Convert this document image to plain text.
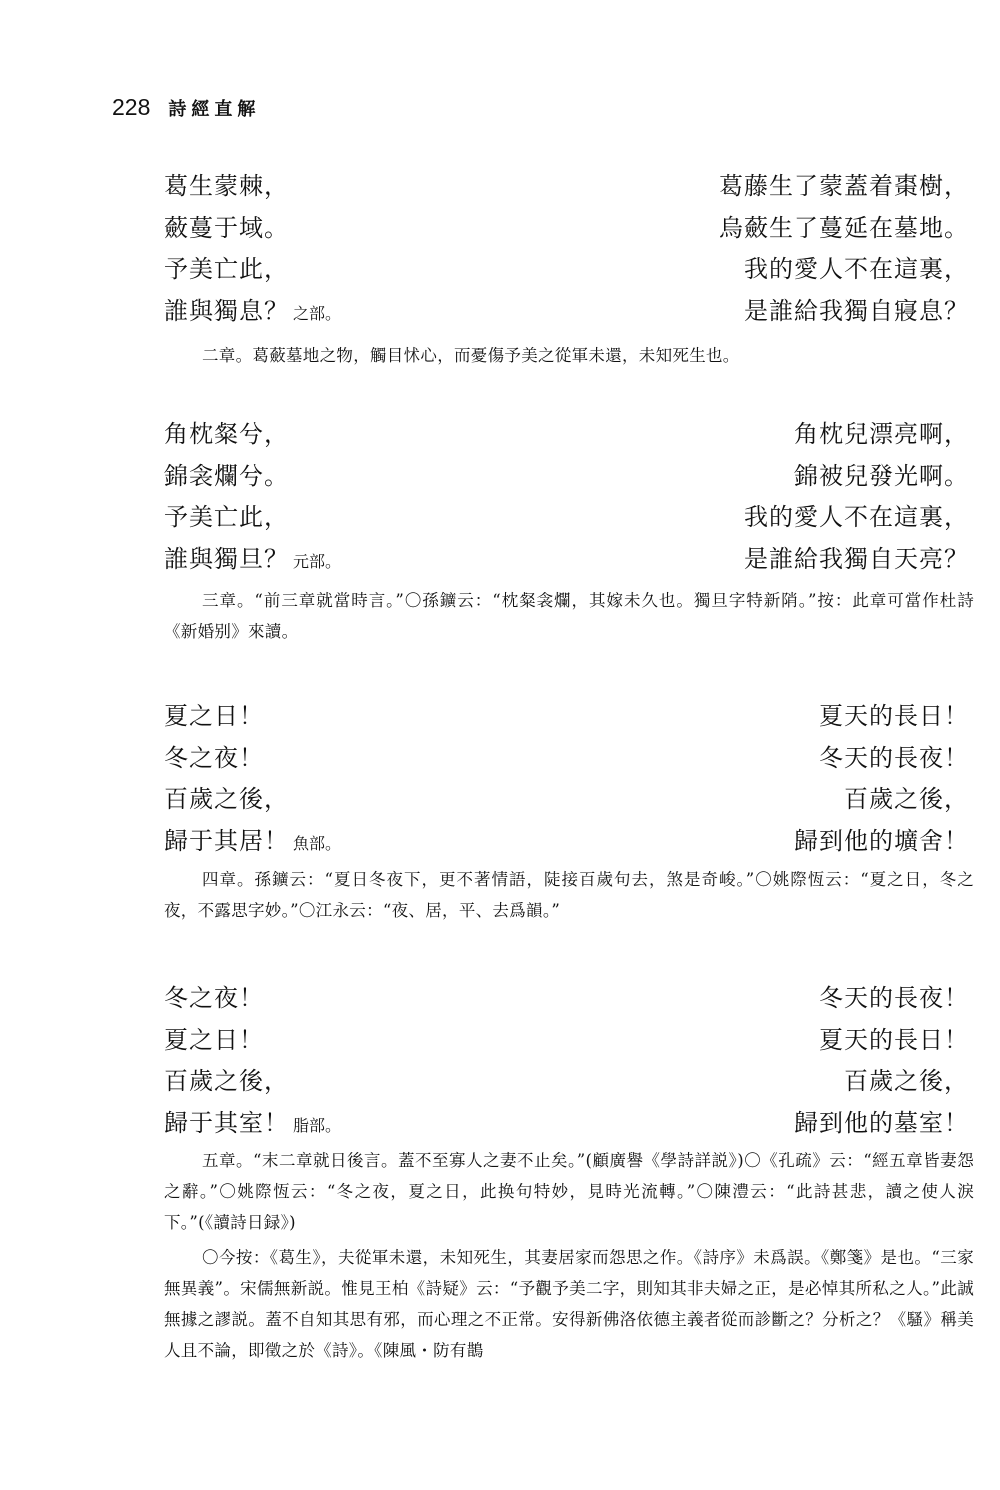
228 詩經直解
葛生蒙棘，	葛藤生了蒙蓋着棗樹，
蘞蔓于域。	烏蘞生了蔓延在墓地。
予美亡此，	我的愛人不在這裏，
誰與獨息？ 之部。	是誰給我獨自寢息？

二章。葛蘞墓地之物，觸目怵心，而憂傷予美之從軍未還，未知死生也。

角枕粲兮，	角枕兒漂亮啊，
錦衾爛兮。	錦被兒發光啊。
予美亡此，	我的愛人不在這裏，
誰與獨旦？ 元部。	是誰給我獨自天亮？

三章。“前三章就當時言。”〇孫鑛云：“枕粲衾爛，其嫁未久也。獨旦字特新陗。”按：此章可當作杜詩《新婚别》來讀。

夏之日！	夏天的長日！
冬之夜！	冬天的長夜！
百歲之後，	百歲之後，
歸于其居！ 魚部。	歸到他的壙舍！

四章。孫鑛云：“夏日冬夜下，更不著情語，陡接百歲句去，煞是奇峻。”〇姚際恆云：“夏之日，冬之夜，不露思字妙。”〇江永云：“夜、居，平、去爲韻。”

冬之夜！	冬天的長夜！
夏之日！	夏天的長日！
百歲之後，	百歲之後，
歸于其室！ 脂部。	歸到他的墓室！

五章。“末二章就日後言。蓋不至寡人之妻不止矣。”(顧廣譽《學詩詳説》)〇《孔疏》云：“經五章皆妻怨之辭。”〇姚際恆云：“冬之夜，夏之日，此换句特妙，見時光流轉。”〇陳澧云：“此詩甚悲，讀之使人淚下。”(《讀詩日録》)

〇今按：《葛生》，夫從軍未還，未知死生，其妻居家而怨思之作。《詩序》未爲誤。《鄭箋》是也。“三家無異義”。宋儒無新説。惟見王柏《詩疑》云：“予觀予美二字，則知其非夫婦之正，是必悼其所私之人。”此誠無據之謬説。蓋不自知其思有邪，而心理之不正常。安得新佛洛依德主義者從而診斷之？分析之？《騷》稱美人且不論，即徵之於《詩》。《陳風・防有鵲
